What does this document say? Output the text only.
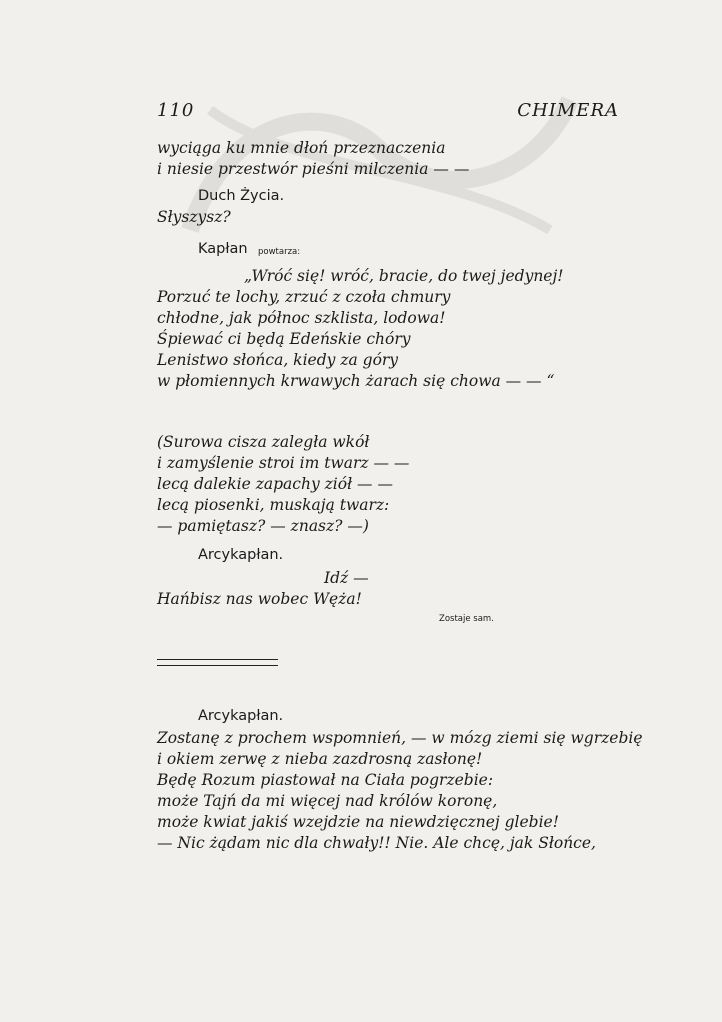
110	CHIMERA
wyciąga ku mnie dłoń przeznaczenia
i niesie przestwór pieśni milczenia — —
Duch Życia.
Słyszysz?
Kapłan powtarza:
„Wróć się! wróć, bracie, do twej jedynej!
Porzuć te lochy, zrzuć z czoła chmury
chłodne, jak północ szklista, lodowa!
Śpiewać ci będą Edeńskie chóry
Lenistwo słońca, kiedy za góry
w płomiennych krwawych żarach się chowa — — “
(Surowa cisza zaległa wkół
i zamyślenie stroi im twarz — —
lecą dalekie zapachy ziół — —
lecą piosenki, muskają twarz:
— pamiętasz? — znasz? —)
Arcykapłan.
Idź —
Hańbisz nas wobec Węża!
Zostaje sam.
Arcykapłan.
Zostanę z prochem wspomnień, — w mózg ziemi się wgrzebię
i okiem zerwę z nieba zazdrosną zasłonę!
Będę Rozum piastował na Ciała pogrzebie:
może Tajń da mi więcej nad królów koronę,
może kwiat jakiś wzejdzie na niewdzięcznej glebie!
— Nic żądam nic dla chwały!! Nie. Ale chcę, jak Słońce,
